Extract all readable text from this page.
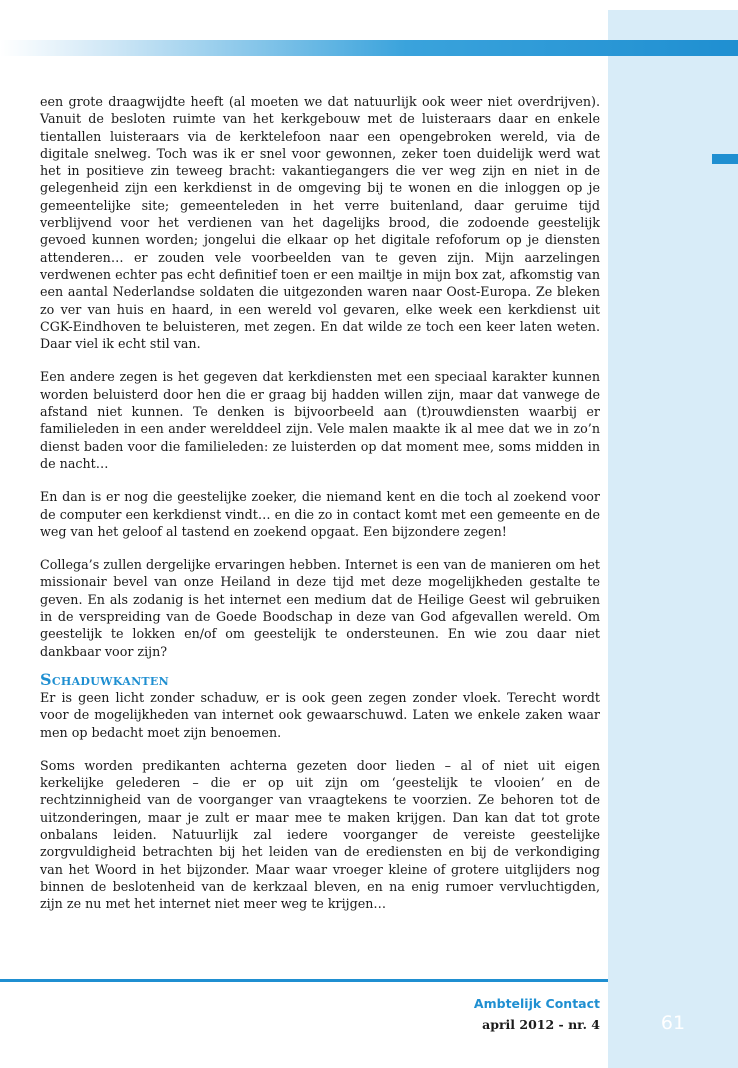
een grote draagwijdte heeft (al moeten we dat natuurlijk ook weer niet overdrijven). Vanuit de besloten ruimte van het kerkgebouw met de luisteraars daar en enkele tientallen luisteraars via de kerktelefoon naar een opengebroken wereld, via de digitale snelweg. Toch was ik er snel voor gewonnen, zeker toen duidelijk werd wat het in positieve zin teweeg bracht: vakantiegangers die ver weg zijn en niet in de gelegenheid zijn een kerkdienst in de omgeving bij te wonen en die inloggen op je gemeentelijke site; gemeenteleden in het verre buitenland, daar geruime tijd verblijvend voor het verdienen van het dagelijks brood, die zodoende geestelijk gevoed kunnen worden; jongelui die elkaar op het digitale refoforum op je diensten attenderen… er zouden vele voorbeelden van te geven zijn. Mijn aarzelingen verdwenen echter pas echt definitief toen er een mailtje in mijn box zat, afkomstig van een aantal Nederlandse soldaten die uitgezonden waren naar Oost-Europa. Ze bleken zo ver van huis en haard, in een wereld vol gevaren, elke week een kerkdienst uit CGK-Eindhoven te beluisteren, met zegen. En dat wilde ze toch een keer laten weten. Daar viel ik echt stil van.

Een andere zegen is het gegeven dat kerkdiensten met een speciaal karakter kunnen worden beluisterd door hen die er graag bij hadden willen zijn, maar dat vanwege de afstand niet kunnen. Te denken is bijvoorbeeld aan (t)rouwdiensten waarbij er familieleden in een ander werelddeel zijn. Vele malen maakte ik al mee dat we in zo’n dienst baden voor die familieleden: ze luisterden op dat moment mee, soms midden in de nacht…

En dan is er nog die geestelijke zoeker, die niemand kent en die toch al zoekend voor de computer een kerkdienst vindt… en die zo in contact komt met een gemeente en de weg van het geloof al tastend en zoekend opgaat. Een bijzondere zegen!

Collega’s zullen dergelijke ervaringen hebben. Internet is een van de manieren om het missionair bevel van onze Heiland in deze tijd met deze mogelijkheden gestalte te geven. En als zodanig is het internet een medium dat de Heilige Geest wil gebruiken in de verspreiding van de Goede Boodschap in deze van God afgevallen wereld. Om geestelijk te lokken en/of om geestelijk te ondersteunen. En wie zou daar niet dankbaar voor zijn?

Schaduwkanten

Er is geen licht zonder schaduw, er is ook geen zegen zonder vloek. Terecht wordt voor de mogelijkheden van internet ook gewaarschuwd. Laten we enkele zaken waar men op bedacht moet zijn benoemen.

Soms worden predikanten achterna gezeten door lieden – al of niet uit eigen kerkelijke gelederen – die er op uit zijn om ‘geestelijk te vlooien’ en de rechtzinnigheid van de voorganger van vraagtekens te voorzien. Ze behoren tot de uitzonderingen, maar je zult er maar mee te maken krijgen. Dan kan dat tot grote onbalans leiden. Natuurlijk zal iedere voorganger de vereiste geestelijke zorgvuldigheid betrachten bij het leiden van de erediensten en bij de verkondiging van het Woord in het bijzonder. Maar waar vroeger kleine of grotere uitglijders nog binnen de beslotenheid van de kerkzaal bleven, en na enig rumoer vervluchtigden, zijn ze nu met het internet niet meer weg te krijgen…

Ambtelijk Contact
april 2012 - nr. 4	61
